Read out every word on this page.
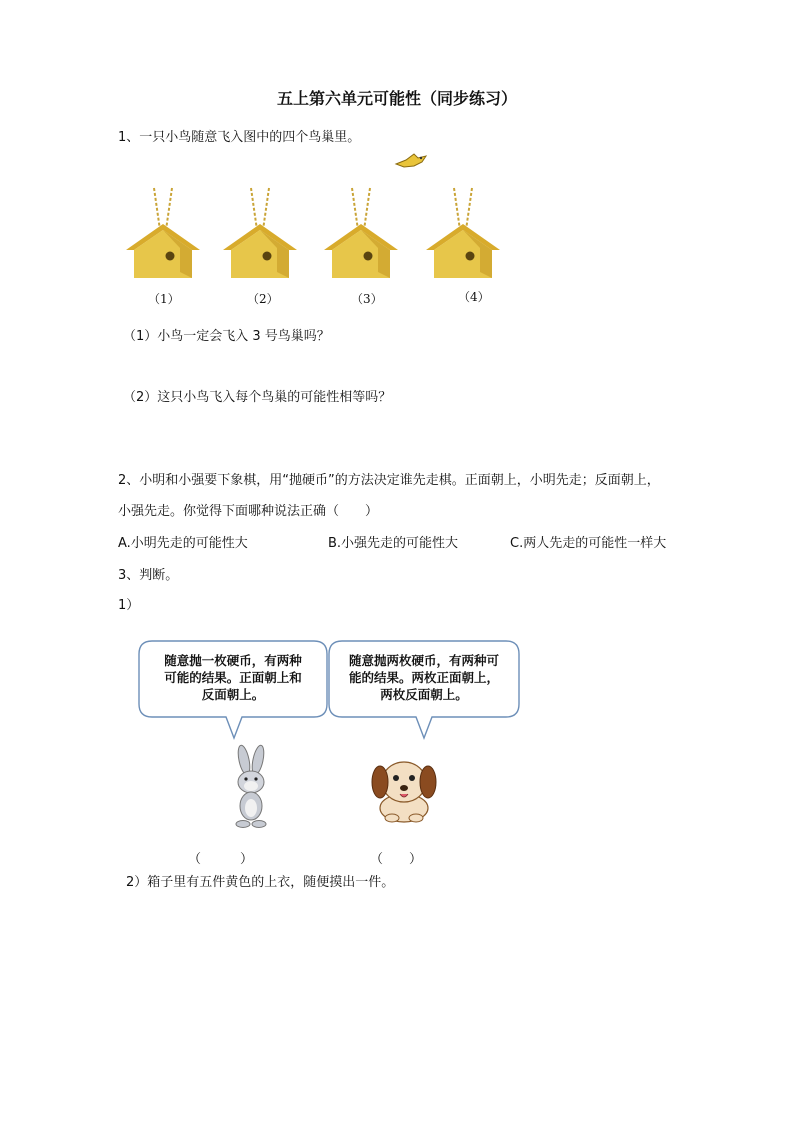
五上第六单元可能性（同步练习）
1、一只小鸟随意飞入图中的四个鸟巢里。
（1）	（2）	（3）	（4）
（1）小鸟一定会飞入 3 号鸟巢吗？
（2）这只小鸟飞入每个鸟巢的可能性相等吗？
2、小明和小强要下象棋，用“抛硬币”的方法决定谁先走棋。正面朝上，小明先走；反面朝上，
小强先走。你觉得下面哪种说法正确（　　）
A.小明先走的可能性大	B.小强先走的可能性大	C.两人先走的可能性一样大
3、判断。
1）
随意抛一枚硬币，有两种
可能的结果。正面朝上和
反面朝上。
随意抛两枚硬币，有两种可
能的结果。两枚正面朝上，
两枚反面朝上。
（　　　）	（　　）
2）箱子里有五件黄色的上衣，随便摸出一件。
